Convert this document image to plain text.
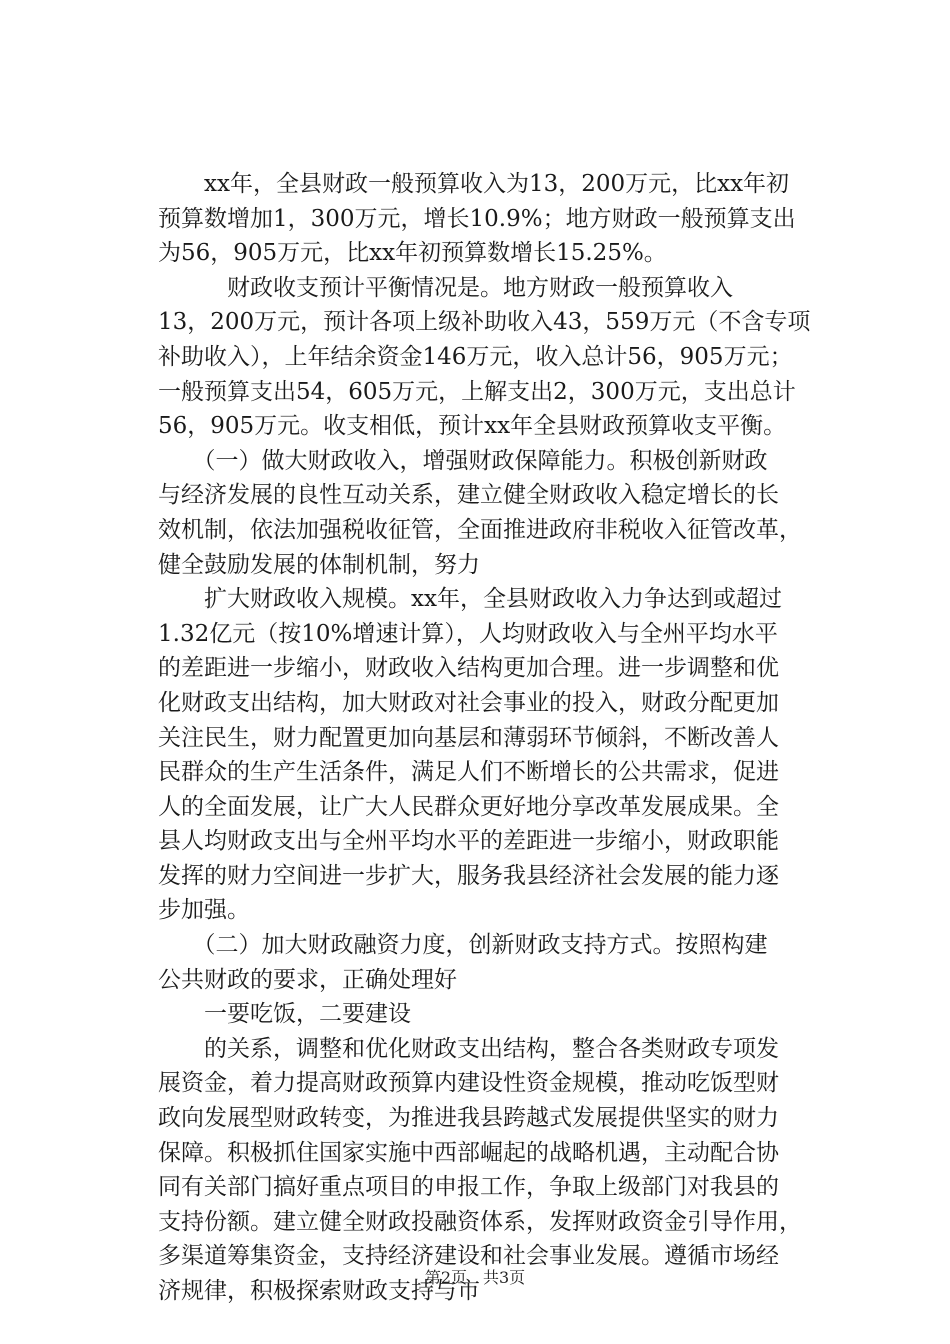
　　xx年，全县财政一般预算收入为13，200万元，比xx年初
预算数增加1，300万元，增长10.9%；地方财政一般预算支出
为56，905万元，比xx年初预算数增长15.25%。
　　　财政收支预计平衡情况是。地方财政一般预算收入
13，200万元，预计各项上级补助收入43，559万元（不含专项
补助收入），上年结余资金146万元，收入总计56，905万元；
一般预算支出54，605万元，上解支出2，300万元，支出总计
56，905万元。收支相低，预计xx年全县财政预算收支平衡。
　　（一）做大财政收入，增强财政保障能力。积极创新财政
与经济发展的良性互动关系，建立健全财政收入稳定增长的长
效机制，依法加强税收征管，全面推进政府非税收入征管改革，
健全鼓励发展的体制机制，努力
　　扩大财政收入规模。xx年，全县财政收入力争达到或超过
1.32亿元（按10%增速计算），人均财政收入与全州平均水平
的差距进一步缩小，财政收入结构更加合理。进一步调整和优
化财政支出结构，加大财政对社会事业的投入，财政分配更加
关注民生，财力配置更加向基层和薄弱环节倾斜，不断改善人
民群众的生产生活条件，满足人们不断增长的公共需求，促进
人的全面发展，让广大人民群众更好地分享改革发展成果。全
县人均财政支出与全州平均水平的差距进一步缩小，财政职能
发挥的财力空间进一步扩大，服务我县经济社会发展的能力逐
步加强。
　　（二）加大财政融资力度，创新财政支持方式。按照构建
公共财政的要求，正确处理好
　　一要吃饭，二要建设
　　的关系，调整和优化财政支出结构，整合各类财政专项发
展资金，着力提高财政预算内建设性资金规模，推动吃饭型财
政向发展型财政转变，为推进我县跨越式发展提供坚实的财力
保障。积极抓住国家实施中西部崛起的战略机遇，主动配合协
同有关部门搞好重点项目的申报工作，争取上级部门对我县的
支持份额。建立健全财政投融资体系，发挥财政资金引导作用，
多渠道筹集资金，支持经济建设和社会事业发展。遵循市场经
济规律，积极探索财政支持与市
第2页　共3页
